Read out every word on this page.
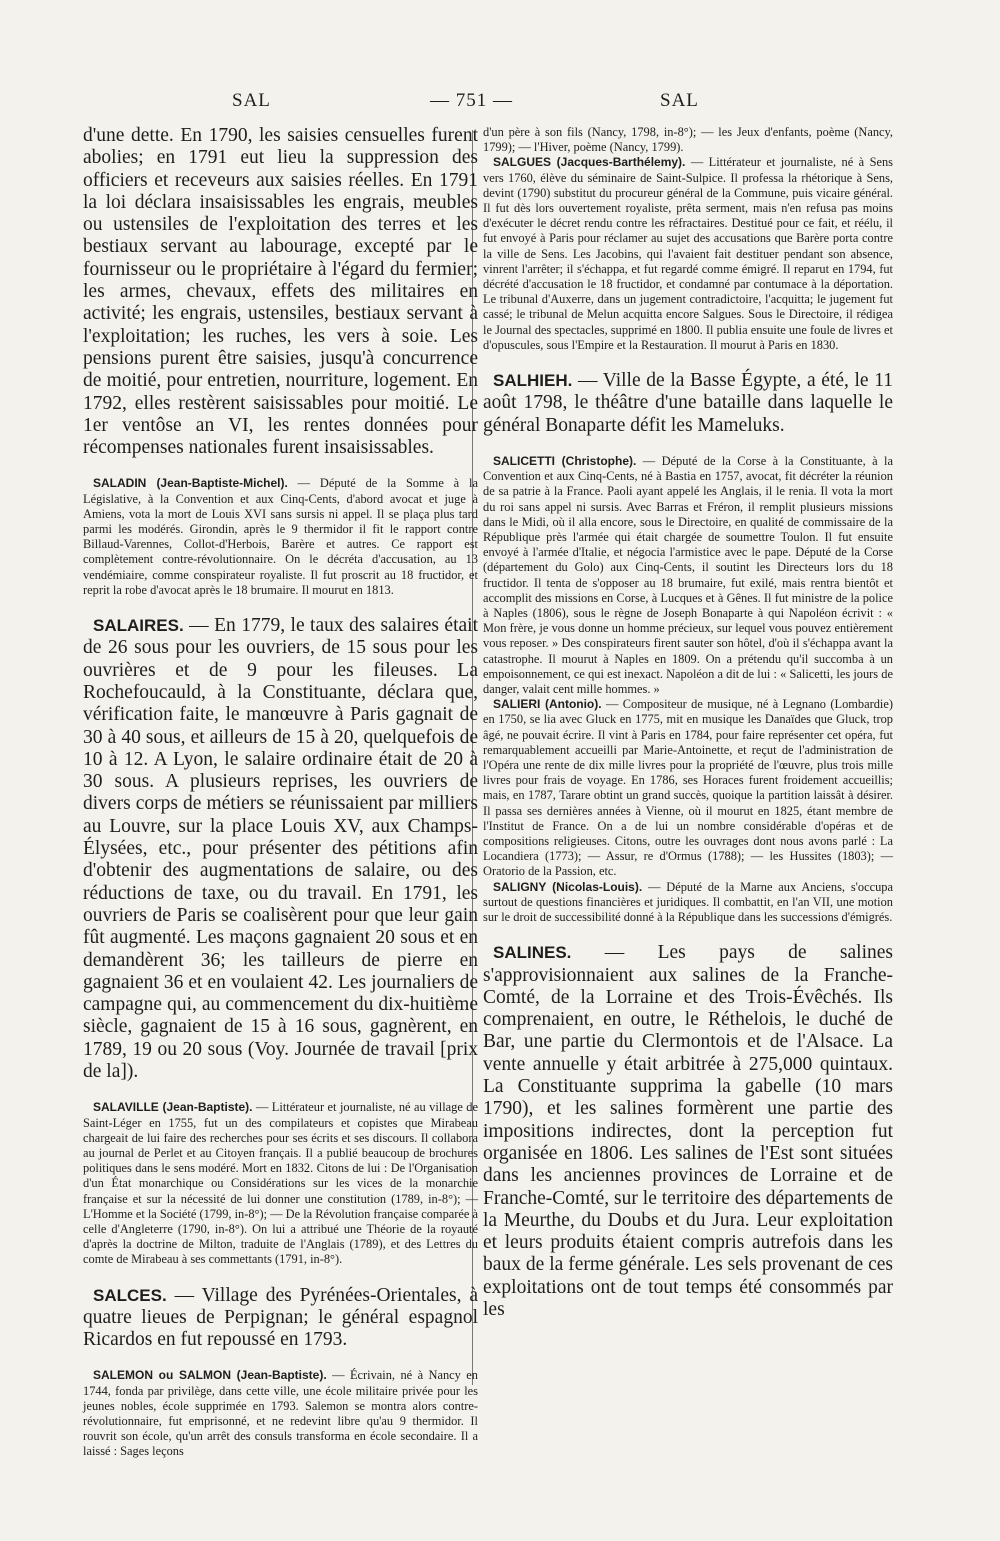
SAL	— 751 —	SAL

d'une dette. En 1790, les saisies censuelles furent abolies; en 1791 eut lieu la suppression des officiers et receveurs aux saisies réelles. En 1791 la loi déclara insaisissables les engrais, meubles ou ustensiles de l'exploitation des terres et les bestiaux servant au labourage, excepté par le fournisseur ou le propriétaire à l'égard du fermier; les armes, chevaux, effets des militaires en activité; les engrais, ustensiles, bestiaux servant à l'exploitation; les ruches, les vers à soie. Les pensions purent être saisies, jusqu'à concurrence de moitié, pour entretien, nourriture, logement. En 1792, elles restèrent saisissables pour moitié. Le 1er ventôse an VI, les rentes données pour récompenses nationales furent insaisissables.

SALADIN (Jean-Baptiste-Michel). — Député de la Somme à la Législative, à la Convention et aux Cinq-Cents, d'abord avocat et juge à Amiens, vota la mort de Louis XVI sans sursis ni appel. Il se plaça plus tard parmi les modérés. Girondin, après le 9 thermidor il fit le rapport contre Billaud-Varennes, Collot-d'Herbois, Barère et autres. Ce rapport est complètement contre-révolutionnaire. On le décréta d'accusation, au 13 vendémiaire, comme conspirateur royaliste. Il fut proscrit au 18 fructidor, et reprit la robe d'avocat après le 18 brumaire. Il mourut en 1813.

SALAIRES. — En 1779, le taux des salaires était de 26 sous pour les ouvriers, de 15 sous pour les ouvrières et de 9 pour les fileuses. La Rochefoucauld, à la Constituante, déclara que, vérification faite, le manœuvre à Paris gagnait de 30 à 40 sous, et ailleurs de 15 à 20, quelquefois de 10 à 12. A Lyon, le salaire ordinaire était de 20 à 30 sous. A plusieurs reprises, les ouvriers de divers corps de métiers se réunissaient par milliers au Louvre, sur la place Louis XV, aux Champs-Élysées, etc., pour présenter des pétitions afin d'obtenir des augmentations de salaire, ou des réductions de taxe, ou du travail. En 1791, les ouvriers de Paris se coalisèrent pour que leur gain fût augmenté. Les maçons gagnaient 20 sous et en demandèrent 36; les tailleurs de pierre en gagnaient 36 et en voulaient 42. Les journaliers de campagne qui, au commencement du dix-huitième siècle, gagnaient de 15 à 16 sous, gagnèrent, en 1789, 19 ou 20 sous (Voy. Journée de travail [prix de la]).

SALAVILLE (Jean-Baptiste). — Littérateur et journaliste, né au village de Saint-Léger en 1755, fut un des compilateurs et copistes que Mirabeau chargeait de lui faire des recherches pour ses écrits et ses discours. Il collabora au journal de Perlet et au Citoyen français. Il a publié beaucoup de brochures politiques dans le sens modéré. Mort en 1832. Citons de lui : De l'Organisation d'un État monarchique ou Considérations sur les vices de la monarchie française et sur la nécessité de lui donner une constitution (1789, in-8°); — L'Homme et la Société (1799, in-8°); — De la Révolution française comparée à celle d'Angleterre (1790, in-8°). On lui a attribué une Théorie de la royauté d'après la doctrine de Milton, traduite de l'Anglais (1789), et des Lettres du comte de Mirabeau à ses commettants (1791, in-8°).

SALCES. — Village des Pyrénées-Orientales, à quatre lieues de Perpignan; le général espagnol Ricardos en fut repoussé en 1793.

SALEMON ou SALMON (Jean-Baptiste). — Écrivain, né à Nancy en 1744, fonda par privilège, dans cette ville, une école militaire privée pour les jeunes nobles, école supprimée en 1793. Salemon se montra alors contre-révolutionnaire, fut emprisonné, et ne redevint libre qu'au 9 thermidor. Il rouvrit son école, qu'un arrêt des consuls transforma en école secondaire. Il a laissé : Sages leçons

d'un père à son fils (Nancy, 1798, in-8°); — les Jeux d'enfants, poème (Nancy, 1799); — l'Hiver, poème (Nancy, 1799).

SALGUES (Jacques-Barthélemy). — Littérateur et journaliste, né à Sens vers 1760, élève du séminaire de Saint-Sulpice. Il professa la rhétorique à Sens, devint (1790) substitut du procureur général de la Commune, puis vicaire général. Il fut dès lors ouvertement royaliste, prêta serment, mais n'en refusa pas moins d'exécuter le décret rendu contre les réfractaires. Destitué pour ce fait, et réélu, il fut envoyé à Paris pour réclamer au sujet des accusations que Barère porta contre la ville de Sens. Les Jacobins, qui l'avaient fait destituer pendant son absence, vinrent l'arrêter; il s'échappa, et fut regardé comme émigré. Il reparut en 1794, fut décrété d'accusation le 18 fructidor, et condamné par contumace à la déportation. Le tribunal d'Auxerre, dans un jugement contradictoire, l'acquitta; le jugement fut cassé; le tribunal de Melun acquitta encore Salgues. Sous le Directoire, il rédigea le Journal des spectacles, supprimé en 1800. Il publia ensuite une foule de livres et d'opuscules, sous l'Empire et la Restauration. Il mourut à Paris en 1830.

SALHIEH. — Ville de la Basse Égypte, a été, le 11 août 1798, le théâtre d'une bataille dans laquelle le général Bonaparte défit les Mameluks.

SALICETTI (Christophe). — Député de la Corse à la Constituante, à la Convention et aux Cinq-Cents, né à Bastia en 1757, avocat, fit décréter la réunion de sa patrie à la France. Paoli ayant appelé les Anglais, il le renia. Il vota la mort du roi sans appel ni sursis. Avec Barras et Fréron, il remplit plusieurs missions dans le Midi, où il alla encore, sous le Directoire, en qualité de commissaire de la République près l'armée qui était chargée de soumettre Toulon. Il fut ensuite envoyé à l'armée d'Italie, et négocia l'armistice avec le pape. Député de la Corse (département du Golo) aux Cinq-Cents, il soutint les Directeurs lors du 18 fructidor. Il tenta de s'opposer au 18 brumaire, fut exilé, mais rentra bientôt et accomplit des missions en Corse, à Lucques et à Gênes. Il fut ministre de la police à Naples (1806), sous le règne de Joseph Bonaparte à qui Napoléon écrivit : « Mon frère, je vous donne un homme précieux, sur lequel vous pouvez entièrement vous reposer. » Des conspirateurs firent sauter son hôtel, d'où il s'échappa avant la catastrophe. Il mourut à Naples en 1809. On a prétendu qu'il succomba à un empoisonnement, ce qui est inexact. Napoléon a dit de lui : « Salicetti, les jours de danger, valait cent mille hommes. »

SALIERI (Antonio). — Compositeur de musique, né à Legnano (Lombardie) en 1750, se lia avec Gluck en 1775, mit en musique les Danaïdes que Gluck, trop âgé, ne pouvait écrire. Il vint à Paris en 1784, pour faire représenter cet opéra, fut remarquablement accueilli par Marie-Antoinette, et reçut de l'administration de l'Opéra une rente de dix mille livres pour la propriété de l'œuvre, plus trois mille livres pour frais de voyage. En 1786, ses Horaces furent froidement accueillis; mais, en 1787, Tarare obtint un grand succès, quoique la partition laissât à désirer. Il passa ses dernières années à Vienne, où il mourut en 1825, étant membre de l'Institut de France. On a de lui un nombre considérable d'opéras et de compositions religieuses. Citons, outre les ouvrages dont nous avons parlé : La Locandiera (1773); — Assur, re d'Ormus (1788); — les Hussites (1803); — Oratorio de la Passion, etc.

SALIGNY (Nicolas-Louis). — Député de la Marne aux Anciens, s'occupa surtout de questions financières et juridiques. Il combattit, en l'an VII, une motion sur le droit de successibilité donné à la République dans les successions d'émigrés.

SALINES. — Les pays de salines s'approvisionnaient aux salines de la Franche-Comté, de la Lorraine et des Trois-Évêchés. Ils comprenaient, en outre, le Réthelois, le duché de Bar, une partie du Clermontois et de l'Alsace. La vente annuelle y était arbitrée à 275,000 quintaux. La Constituante supprima la gabelle (10 mars 1790), et les salines formèrent une partie des impositions indirectes, dont la perception fut organisée en 1806. Les salines de l'Est sont situées dans les anciennes provinces de Lorraine et de Franche-Comté, sur le territoire des départements de la Meurthe, du Doubs et du Jura. Leur exploitation et leurs produits étaient compris autrefois dans les baux de la ferme générale. Les sels provenant de ces exploitations ont de tout temps été consommés par les
